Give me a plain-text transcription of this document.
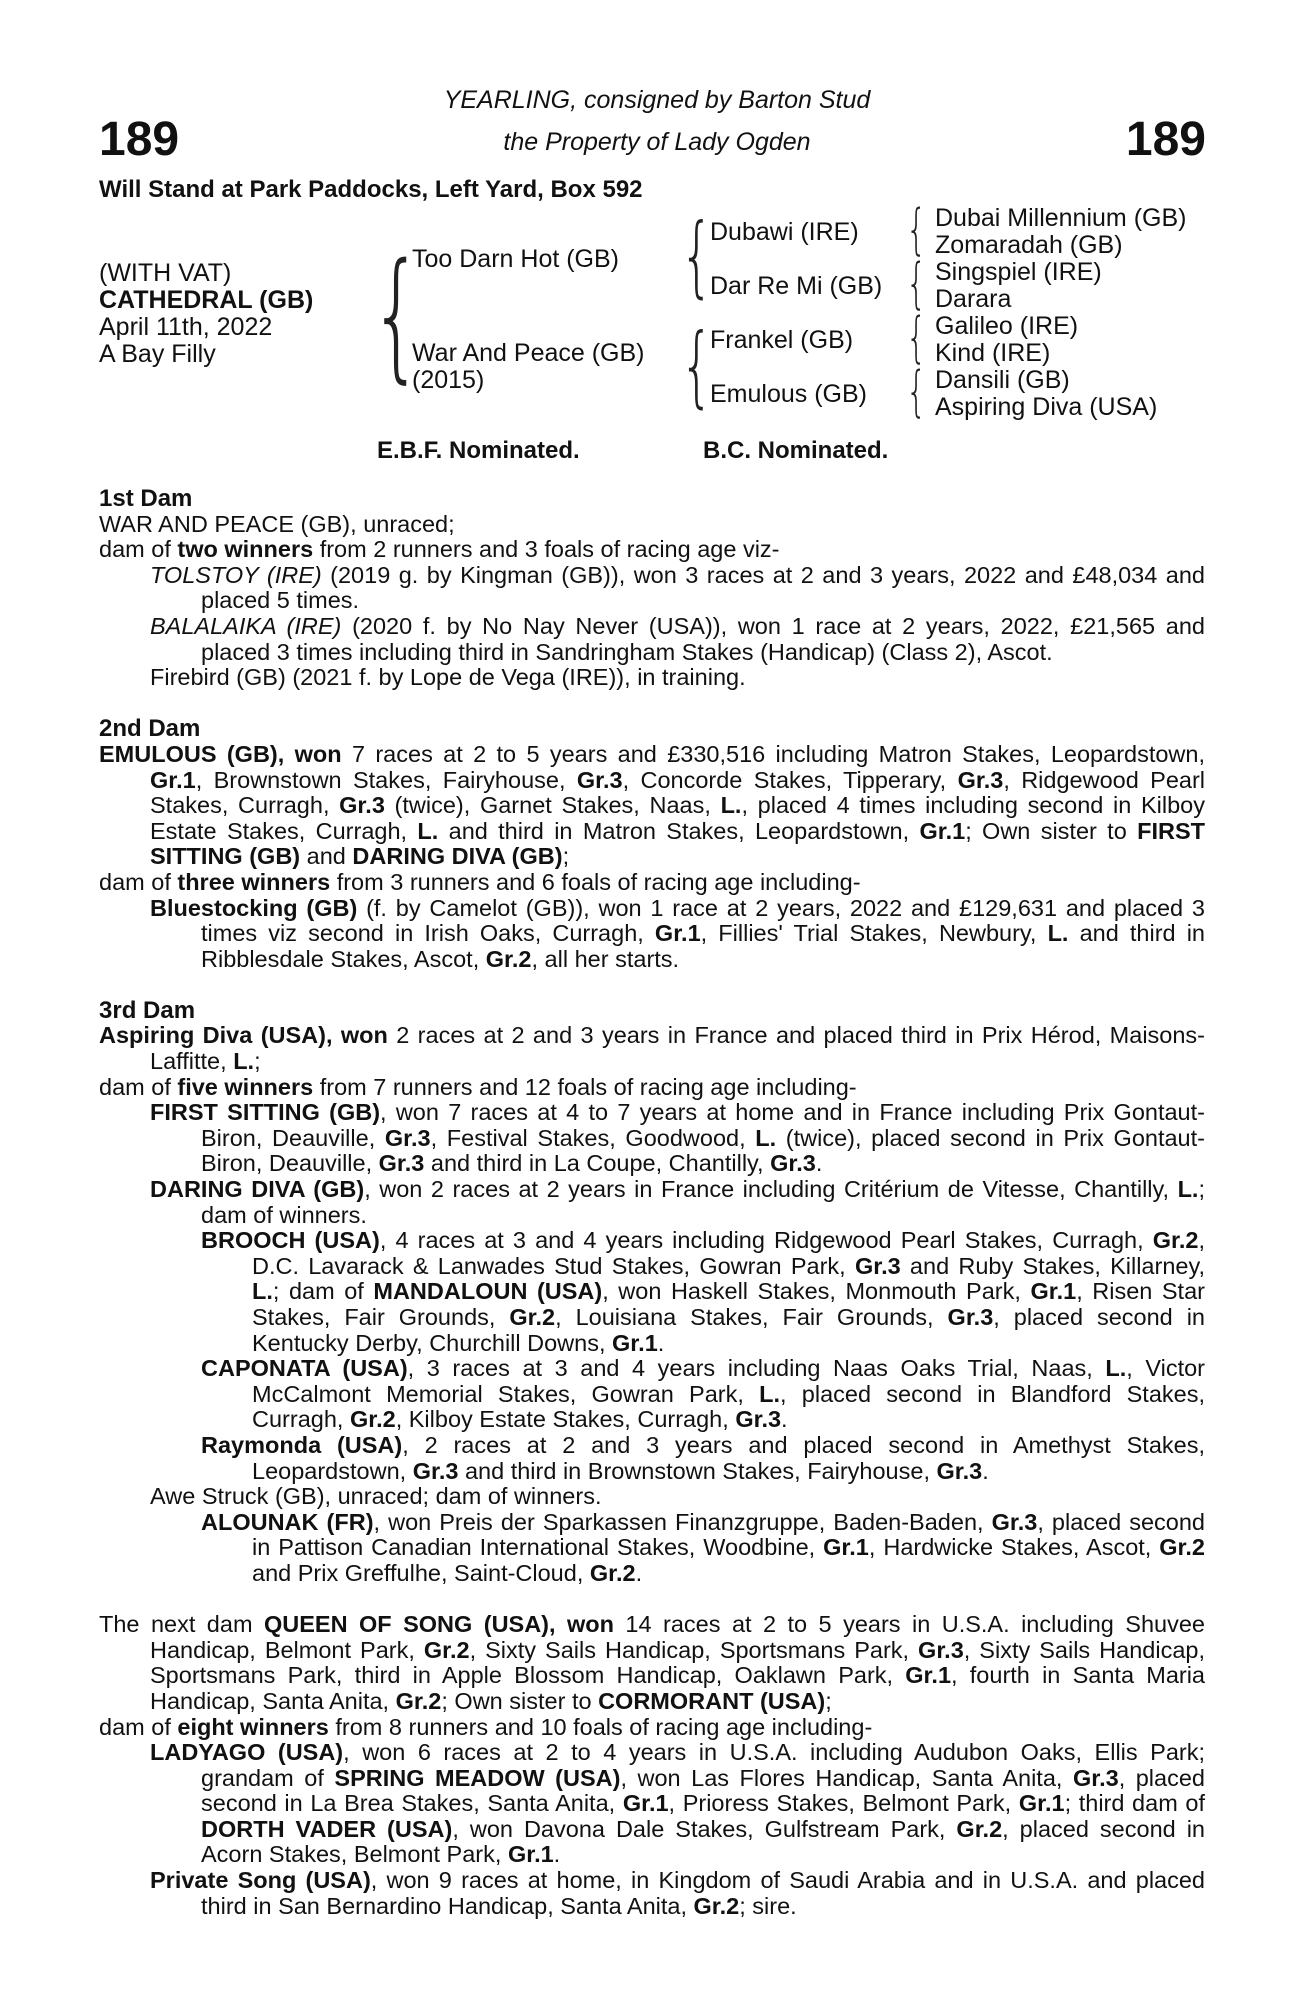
189	189
YEARLING, consigned by Barton Stud
the Property of Lady Ogden
Will Stand at Park Paddocks, Left Yard, Box 592
(WITH VAT)
CATHEDRAL (GB)
April 11th, 2022
A Bay Filly {	{
{
{
{
{
{
Too Darn Hot (GB)
War And Peace (GB)
(2015)
Dubawi (IRE)
Dar Re Mi (GB)
Frankel (GB)
Emulous (GB)
Dubai Millennium (GB)
Zomaradah (GB)
Singspiel (IRE)
Darara
Galileo (IRE)
Kind (IRE)
Dansili (GB)
Aspiring Diva (USA)
E.B.F. Nominated.	B.C. Nominated.

1st Dam

WAR AND PEACE (GB), unraced;

dam of two winners from 2 runners and 3 foals of racing age viz-

TOLSTOY (IRE) (2019 g. by Kingman (GB)), won 3 races at 2 and 3 years, 2022 and £48,034 and placed 5 times.

BALALAIKA (IRE) (2020 f. by No Nay Never (USA)), won 1 race at 2 years, 2022, £21,565 and placed 3 times including third in Sandringham Stakes (Handicap) (Class 2), Ascot.

Firebird (GB) (2021 f. by Lope de Vega (IRE)), in training.

2nd Dam

EMULOUS (GB), won 7 races at 2 to 5 years and £330,516 including Matron Stakes, Leopardstown, Gr.1, Brownstown Stakes, Fairyhouse, Gr.3, Concorde Stakes, Tipperary, Gr.3, Ridgewood Pearl Stakes, Curragh, Gr.3 (twice), Garnet Stakes, Naas, L., placed 4 times including second in Kilboy Estate Stakes, Curragh, L. and third in Matron Stakes, Leopardstown, Gr.1; Own sister to FIRST SITTING (GB) and DARING DIVA (GB);

dam of three winners from 3 runners and 6 foals of racing age including-

Bluestocking (GB) (f. by Camelot (GB)), won 1 race at 2 years, 2022 and £129,631 and placed 3 times viz second in Irish Oaks, Curragh, Gr.1, Fillies' Trial Stakes, Newbury, L. and third in Ribblesdale Stakes, Ascot, Gr.2, all her starts.

3rd Dam

Aspiring Diva (USA), won 2 races at 2 and 3 years in France and placed third in Prix Hérod, Maisons-Laffitte, L.;

dam of five winners from 7 runners and 12 foals of racing age including-

FIRST SITTING (GB), won 7 races at 4 to 7 years at home and in France including Prix Gontaut-Biron, Deauville, Gr.3, Festival Stakes, Goodwood, L. (twice), placed second in Prix Gontaut-Biron, Deauville, Gr.3 and third in La Coupe, Chantilly, Gr.3.

DARING DIVA (GB), won 2 races at 2 years in France including Critérium de Vitesse, Chantilly, L.; dam of winners.

BROOCH (USA), 4 races at 3 and 4 years including Ridgewood Pearl Stakes, Curragh, Gr.2, D.C. Lavarack & Lanwades Stud Stakes, Gowran Park, Gr.3 and Ruby Stakes, Killarney, L.; dam of MANDALOUN (USA), won Haskell Stakes, Monmouth Park, Gr.1, Risen Star Stakes, Fair Grounds, Gr.2, Louisiana Stakes, Fair Grounds, Gr.3, placed second in Kentucky Derby, Churchill Downs, Gr.1.

CAPONATA (USA), 3 races at 3 and 4 years including Naas Oaks Trial, Naas, L., Victor McCalmont Memorial Stakes, Gowran Park, L., placed second in Blandford Stakes, Curragh, Gr.2, Kilboy Estate Stakes, Curragh, Gr.3.

Raymonda (USA), 2 races at 2 and 3 years and placed second in Amethyst Stakes, Leopardstown, Gr.3 and third in Brownstown Stakes, Fairyhouse, Gr.3.

Awe Struck (GB), unraced; dam of winners.

ALOUNAK (FR), won Preis der Sparkassen Finanzgruppe, Baden-Baden, Gr.3, placed second in Pattison Canadian International Stakes, Woodbine, Gr.1, Hardwicke Stakes, Ascot, Gr.2 and Prix Greffulhe, Saint-Cloud, Gr.2.

The next dam QUEEN OF SONG (USA), won 14 races at 2 to 5 years in U.S.A. including Shuvee Handicap, Belmont Park, Gr.2, Sixty Sails Handicap, Sportsmans Park, Gr.3, Sixty Sails Handicap, Sportsmans Park, third in Apple Blossom Handicap, Oaklawn Park, Gr.1, fourth in Santa Maria Handicap, Santa Anita, Gr.2; Own sister to CORMORANT (USA);

dam of eight winners from 8 runners and 10 foals of racing age including-

LADYAGO (USA), won 6 races at 2 to 4 years in U.S.A. including Audubon Oaks, Ellis Park; grandam of SPRING MEADOW (USA), won Las Flores Handicap, Santa Anita, Gr.3, placed second in La Brea Stakes, Santa Anita, Gr.1, Prioress Stakes, Belmont Park, Gr.1; third dam of DORTH VADER (USA), won Davona Dale Stakes, Gulfstream Park, Gr.2, placed second in Acorn Stakes, Belmont Park, Gr.1.

Private Song (USA), won 9 races at home, in Kingdom of Saudi Arabia and in U.S.A. and placed third in San Bernardino Handicap, Santa Anita, Gr.2; sire.
